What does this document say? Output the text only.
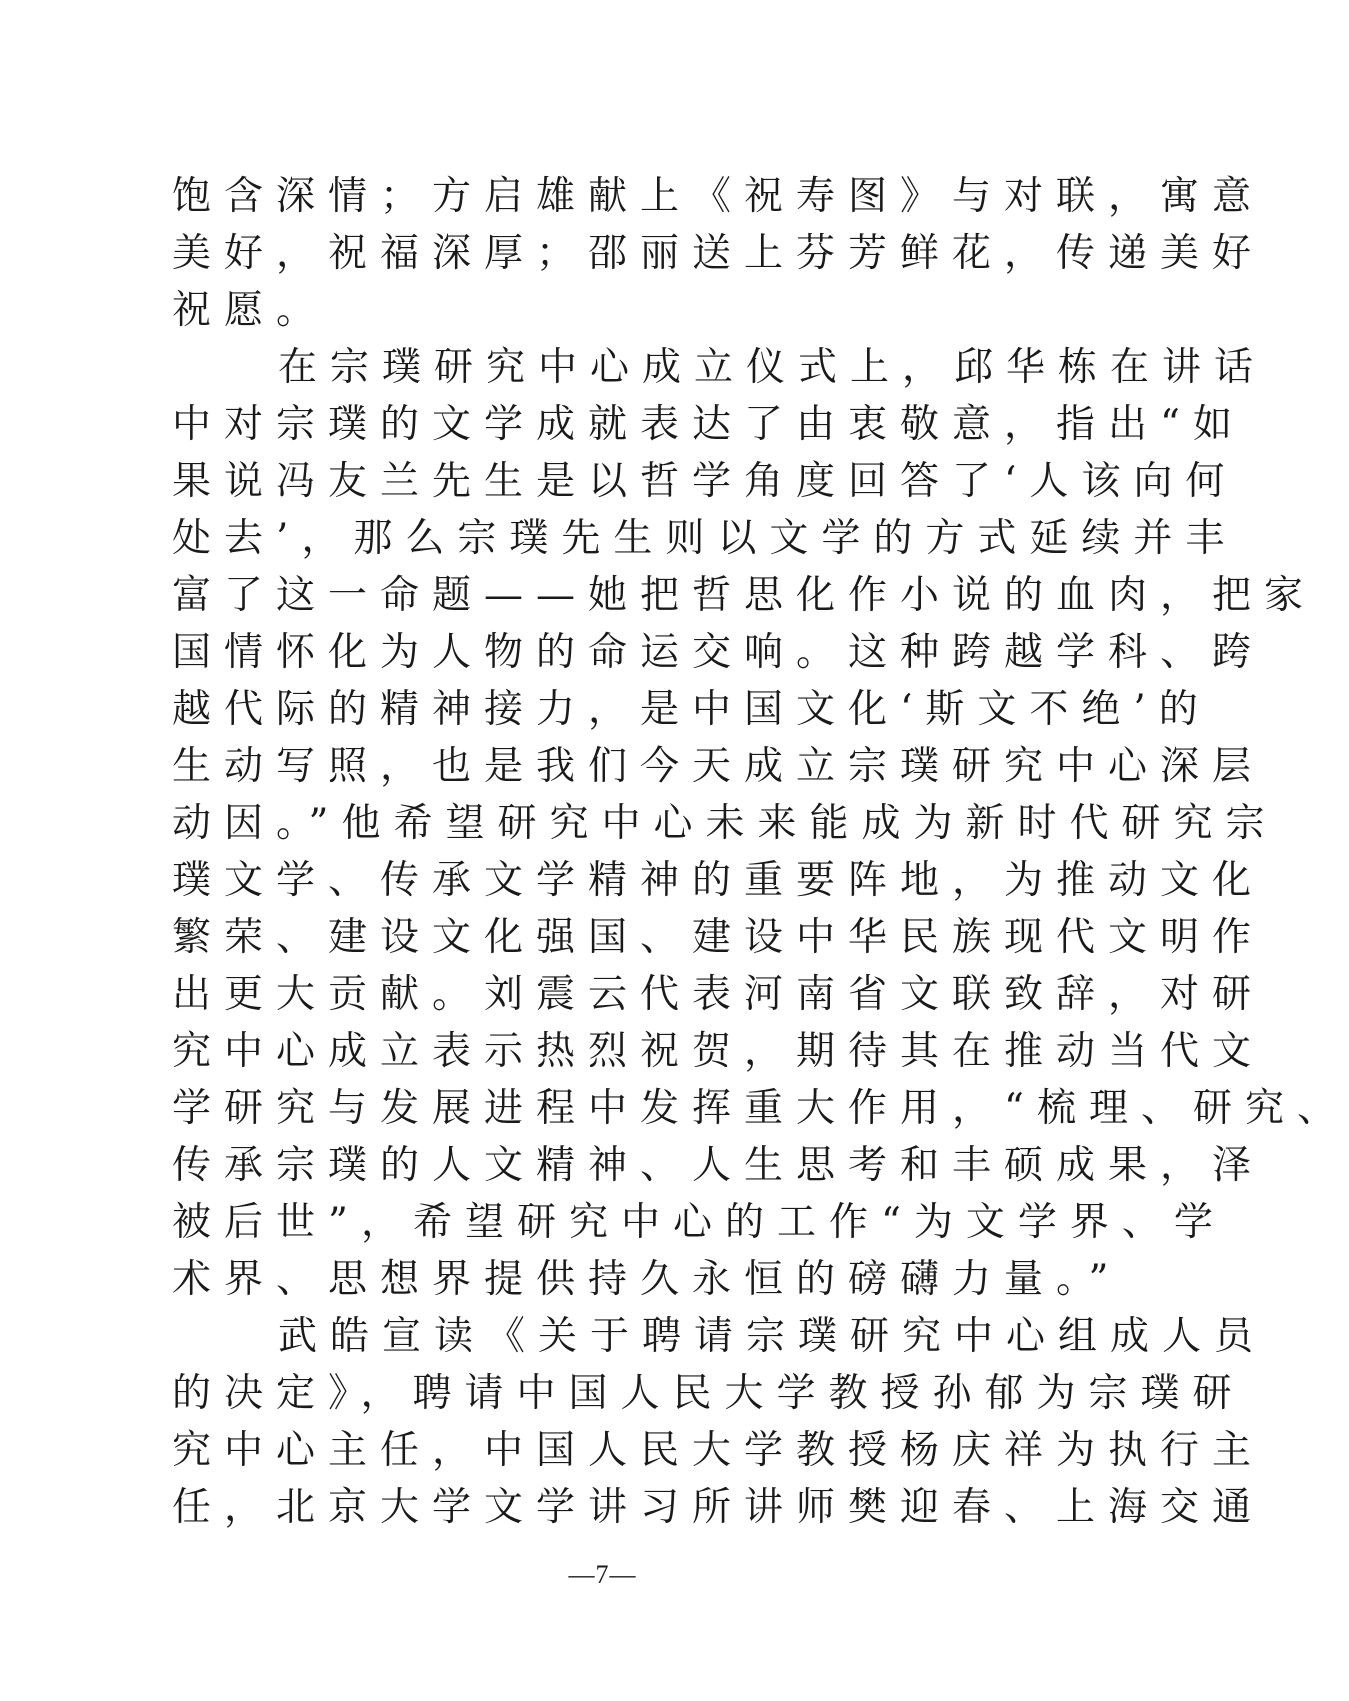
饱含深情；方启雄献上《祝寿图》与对联，寓意
美好，祝福深厚；邵丽送上芬芳鲜花，传递美好
祝愿。
在宗璞研究中心成立仪式上，邱华栋在讲话
中对宗璞的文学成就表达了由衷敬意，指出“如
果说冯友兰先生是以哲学角度回答了‘人该向何
处去’，那么宗璞先生则以文学的方式延续并丰
富了这一命题——她把哲思化作小说的血肉，把家
国情怀化为人物的命运交响。这种跨越学科、跨
越代际的精神接力，是中国文化‘斯文不绝’的
生动写照，也是我们今天成立宗璞研究中心深层
动因。”他希望研究中心未来能成为新时代研究宗
璞文学、传承文学精神的重要阵地，为推动文化
繁荣、建设文化强国、建设中华民族现代文明作
出更大贡献。刘震云代表河南省文联致辞，对研
究中心成立表示热烈祝贺，期待其在推动当代文
学研究与发展进程中发挥重大作用，“梳理、研究、
传承宗璞的人文精神、人生思考和丰硕成果，泽
被后世”，希望研究中心的工作“为文学界、学
术界、思想界提供持久永恒的磅礴力量。”
武皓宣读《关于聘请宗璞研究中心组成人员
的决定》，聘请中国人民大学教授孙郁为宗璞研
究中心主任，中国人民大学教授杨庆祥为执行主
任，北京大学文学讲习所讲师樊迎春、上海交通
—7—
